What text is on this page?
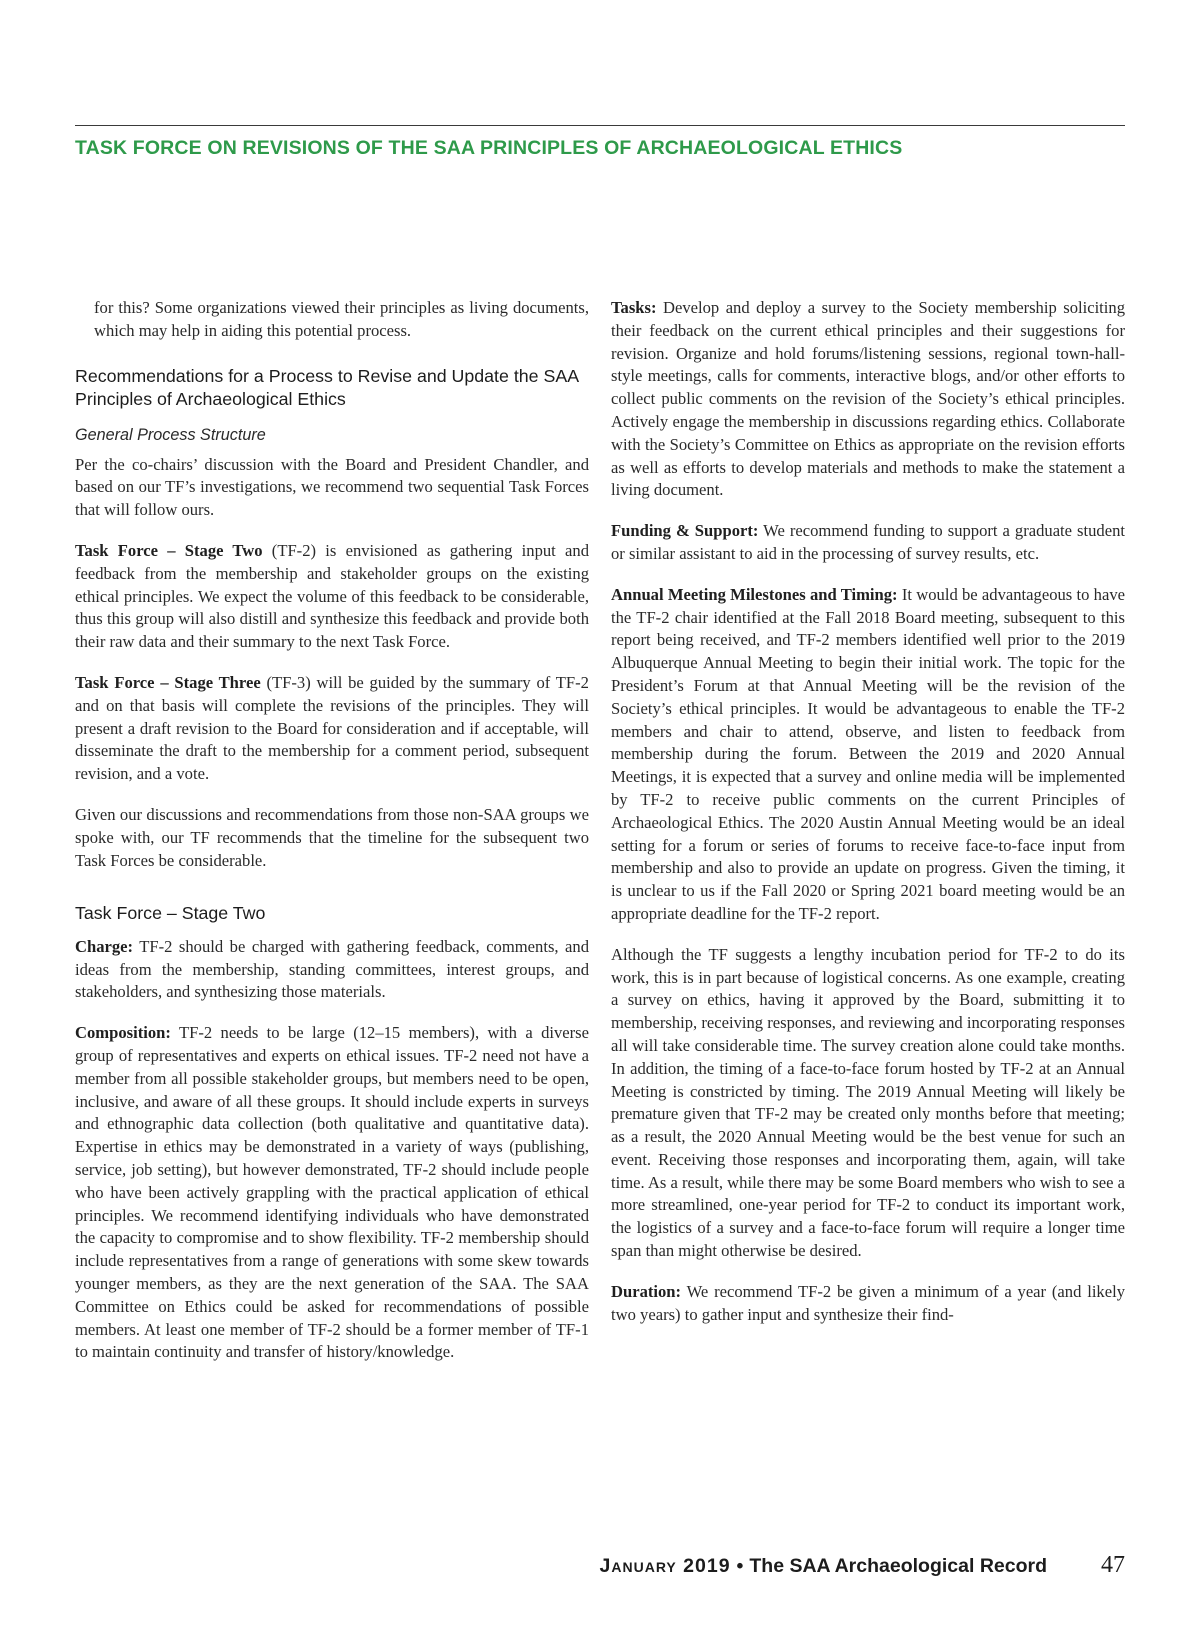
TASK FORCE ON REVISIONS OF THE SAA PRINCIPLES OF ARCHAEOLOGICAL ETHICS

for this? Some organizations viewed their principles as living documents, which may help in aiding this potential process.

Recommendations for a Process to Revise and Update the SAA Principles of Archaeological Ethics
General Process Structure

Per the co-chairs’ discussion with the Board and President Chandler, and based on our TF’s investigations, we recommend two sequential Task Forces that will follow ours.

Task Force – Stage Two (TF-2) is envisioned as gathering input and feedback from the membership and stakeholder groups on the existing ethical principles. We expect the volume of this feedback to be considerable, thus this group will also distill and synthesize this feedback and provide both their raw data and their summary to the next Task Force.

Task Force – Stage Three (TF-3) will be guided by the summary of TF-2 and on that basis will complete the revisions of the principles. They will present a draft revision to the Board for consideration and if acceptable, will disseminate the draft to the membership for a comment period, subsequent revision, and a vote.

Given our discussions and recommendations from those non-SAA groups we spoke with, our TF recommends that the timeline for the subsequent two Task Forces be considerable.

Task Force – Stage Two

Charge: TF-2 should be charged with gathering feedback, comments, and ideas from the membership, standing committees, interest groups, and stakeholders, and synthesizing those materials.

Composition: TF-2 needs to be large (12–15 members), with a diverse group of representatives and experts on ethical issues. TF-2 need not have a member from all possible stakeholder groups, but members need to be open, inclusive, and aware of all these groups. It should include experts in surveys and ethnographic data collection (both qualitative and quantitative data). Expertise in ethics may be demonstrated in a variety of ways (publishing, service, job setting), but however demonstrated, TF-2 should include people who have been actively grappling with the practical application of ethical principles. We recommend identifying individuals who have demonstrated the capacity to compromise and to show flexibility. TF-2 membership should include representatives from a range of generations with some skew towards younger members, as they are the next generation of the SAA. The SAA Committee on Ethics could be asked for recommendations of possible members. At least one member of TF-2 should be a former member of TF-1 to maintain continuity and transfer of history/knowledge.

Tasks: Develop and deploy a survey to the Society membership soliciting their feedback on the current ethical principles and their suggestions for revision. Organize and hold forums/listening sessions, regional town-hall-style meetings, calls for comments, interactive blogs, and/or other efforts to collect public comments on the revision of the Society’s ethical principles. Actively engage the membership in discussions regarding ethics. Collaborate with the Society’s Committee on Ethics as appropriate on the revision efforts as well as efforts to develop materials and methods to make the statement a living document.

Funding & Support: We recommend funding to support a graduate student or similar assistant to aid in the processing of survey results, etc.

Annual Meeting Milestones and Timing: It would be advantageous to have the TF-2 chair identified at the Fall 2018 Board meeting, subsequent to this report being received, and TF-2 members identified well prior to the 2019 Albuquerque Annual Meeting to begin their initial work. The topic for the President’s Forum at that Annual Meeting will be the revision of the Society’s ethical principles. It would be advantageous to enable the TF-2 members and chair to attend, observe, and listen to feedback from membership during the forum. Between the 2019 and 2020 Annual Meetings, it is expected that a survey and online media will be implemented by TF-2 to receive public comments on the current Principles of Archaeological Ethics. The 2020 Austin Annual Meeting would be an ideal setting for a forum or series of forums to receive face-to-face input from membership and also to provide an update on progress. Given the timing, it is unclear to us if the Fall 2020 or Spring 2021 board meeting would be an appropriate deadline for the TF-2 report.

Although the TF suggests a lengthy incubation period for TF-2 to do its work, this is in part because of logistical concerns. As one example, creating a survey on ethics, having it approved by the Board, submitting it to membership, receiving responses, and reviewing and incorporating responses all will take considerable time. The survey creation alone could take months. In addition, the timing of a face-to-face forum hosted by TF-2 at an Annual Meeting is constricted by timing. The 2019 Annual Meeting will likely be premature given that TF-2 may be created only months before that meeting; as a result, the 2020 Annual Meeting would be the best venue for such an event. Receiving those responses and incorporating them, again, will take time. As a result, while there may be some Board members who wish to see a more streamlined, one-year period for TF-2 to conduct its important work, the logistics of a survey and a face-to-face forum will require a longer time span than might otherwise be desired.

Duration: We recommend TF-2 be given a minimum of a year (and likely two years) to gather input and synthesize their find-

January 2019 • The SAA Archaeological Record 47
